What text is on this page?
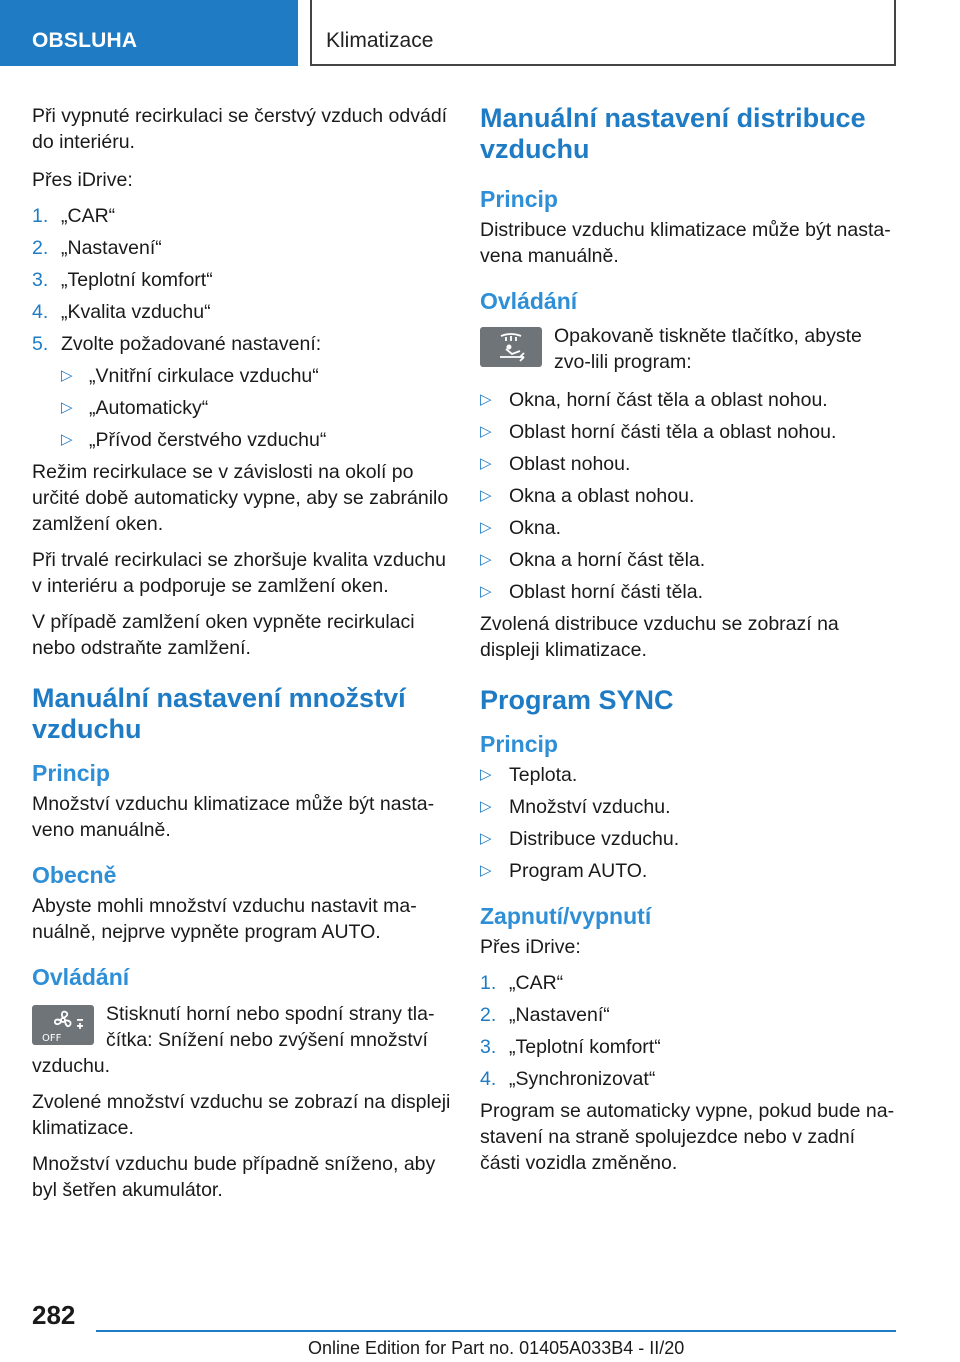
OBSLUHA	Klimatizace

Při vypnuté recirkulaci se čerstvý vzduch odvádí do interiéru.

Přes iDrive:

1. „CAR“
2. „Nastavení“
3. „Teplotní komfort“
4. „Kvalita vzduchu“
5. Zvolte požadované nastavení:
▷ „Vnitřní cirkulace vzduchu“
▷ „Automaticky“
▷ „Přívod čerstvého vzduchu“

Režim recirkulace se v závislosti na okolí po určité době automaticky vypne, aby se zabránilo zamlžení oken.

Při trvalé recirkulaci se zhoršuje kvalita vzduchu v interiéru a podporuje se zamlžení oken.

V případě zamlžení oken vypněte recirkulaci nebo odstraňte zamlžení.

Manuální nastavení množství vzduchu
Princip

Množství vzduchu klimatizace může být nasta-veno manuálně.

Obecně

Abyste mohli množství vzduchu nastavit ma-nuálně, nejprve vypněte program AUTO.

Ovládání
OFF

Stisknutí horní nebo spodní strany tla-čítka: Snížení nebo zvýšení množství vzduchu.

Zvolené množství vzduchu se zobrazí na displeji klimatizace.

Množství vzduchu bude případně sníženo, aby byl šetřen akumulátor.

Manuální nastavení distribuce vzduchu
Princip

Distribuce vzduchu klimatizace může být nasta-vena manuálně.

Ovládání

Opakovaně tiskněte tlačítko, abyste zvo-lili program:

▷ Okna, horní část těla a oblast nohou.
▷ Oblast horní části těla a oblast nohou.
▷ Oblast nohou.
▷ Okna a oblast nohou.
▷ Okna.
▷ Okna a horní část těla.
▷ Oblast horní části těla.

Zvolená distribuce vzduchu se zobrazí na displeji klimatizace.

Program SYNC
Princip
▷ Teplota.
▷ Množství vzduchu.
▷ Distribuce vzduchu.
▷ Program AUTO.
Zapnutí/vypnutí

Přes iDrive:

1. „CAR“
2. „Nastavení“
3. „Teplotní komfort“
4. „Synchronizovat“

Program se automaticky vypne, pokud bude na-stavení na straně spolujezdce nebo v zadní části vozidla změněno.

282
Online Edition for Part no. 01405A033B4 - II/20
